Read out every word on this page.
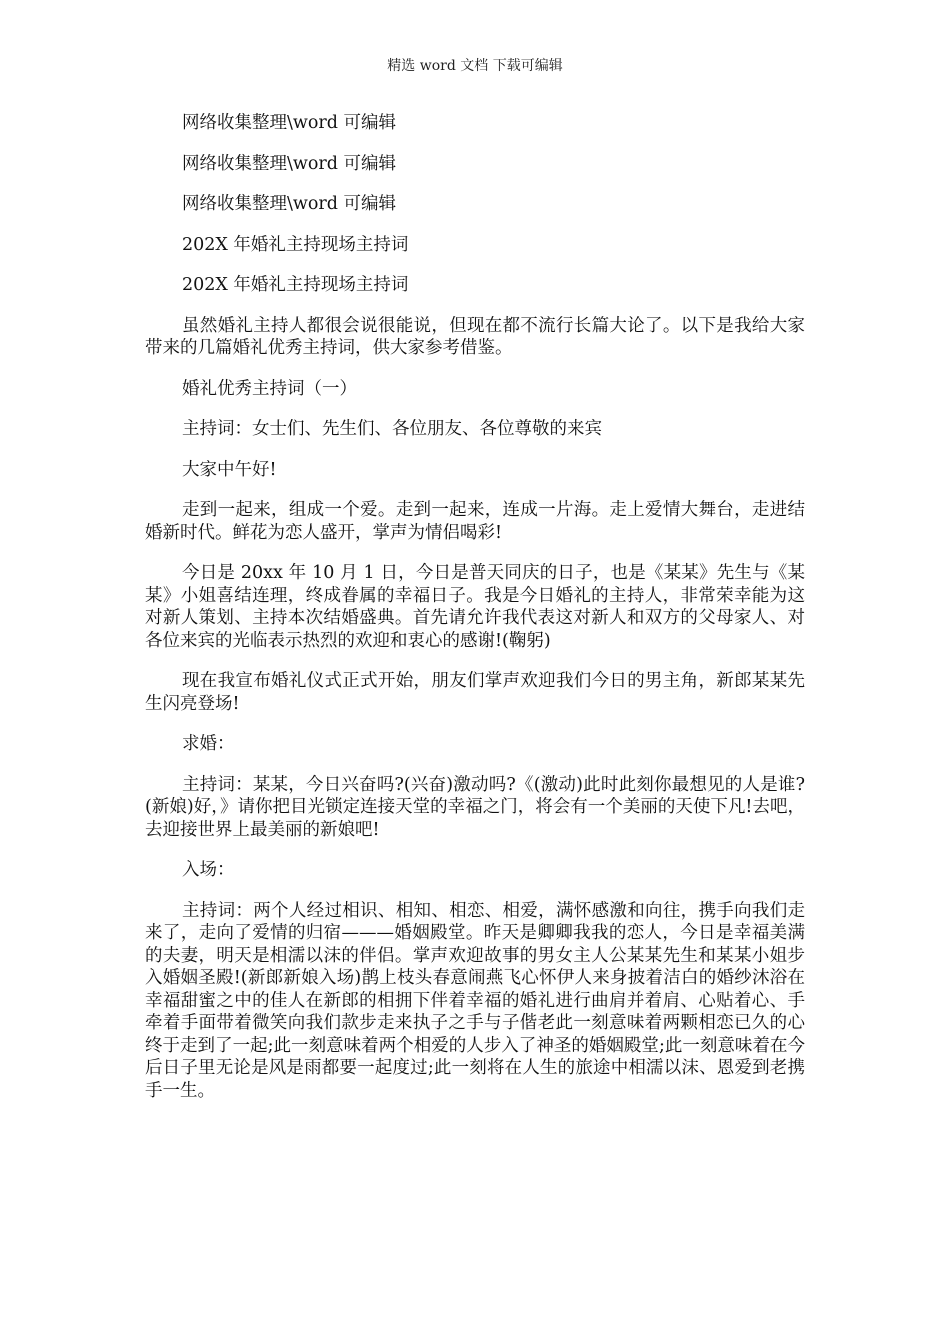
精选 word 文档 下载可编辑

网络收集整理\word 可编辑

网络收集整理\word 可编辑

网络收集整理\word 可编辑

202X 年婚礼主持现场主持词

202X 年婚礼主持现场主持词

虽然婚礼主持人都很会说很能说，但现在都不流行长篇大论了。以下是我给大家带来的几篇婚礼优秀主持词，供大家参考借鉴。

婚礼优秀主持词（一）

主持词：女士们、先生们、各位朋友、各位尊敬的来宾

大家中午好!

走到一起来，组成一个爱。走到一起来，连成一片海。走上爱情大舞台，走进结婚新时代。鲜花为恋人盛开，掌声为情侣喝彩!

今日是 20xx 年 10 月 1 日，今日是普天同庆的日子，也是《某某》先生与《某某》小姐喜结连理，终成眷属的幸福日子。我是今日婚礼的主持人，非常荣幸能为这对新人策划、主持本次结婚盛典。首先请允许我代表这对新人和双方的父母家人、对各位来宾的光临表示热烈的欢迎和衷心的感谢!(鞠躬)

现在我宣布婚礼仪式正式开始，朋友们掌声欢迎我们今日的男主角，新郎某某先生闪亮登场!

求婚：

主持词：某某，今日兴奋吗?(兴奋)激动吗?《(激动)此时此刻你最想见的人是谁?(新娘)好，》请你把目光锁定连接天堂的幸福之门，将会有一个美丽的天使下凡!去吧，去迎接世界上最美丽的新娘吧!

入场：

主持词：两个人经过相识、相知、相恋、相爱，满怀感激和向往，携手向我们走来了，走向了爱情的归宿———婚姻殿堂。昨天是卿卿我我的恋人，今日是幸福美满的夫妻，明天是相濡以沫的伴侣。掌声欢迎故事的男女主人公某某先生和某某小姐步入婚姻圣殿!(新郎新娘入场)鹊上枝头春意闹燕飞心怀伊人来身披着洁白的婚纱沐浴在幸福甜蜜之中的佳人在新郎的相拥下伴着幸福的婚礼进行曲肩并着肩、心贴着心、手牵着手面带着微笑向我们款步走来执子之手与子偕老此一刻意味着两颗相恋已久的心终于走到了一起;此一刻意味着两个相爱的人步入了神圣的婚姻殿堂;此一刻意味着在今后日子里无论是风是雨都要一起度过;此一刻将在人生的旅途中相濡以沫、恩爱到老携手一生。
